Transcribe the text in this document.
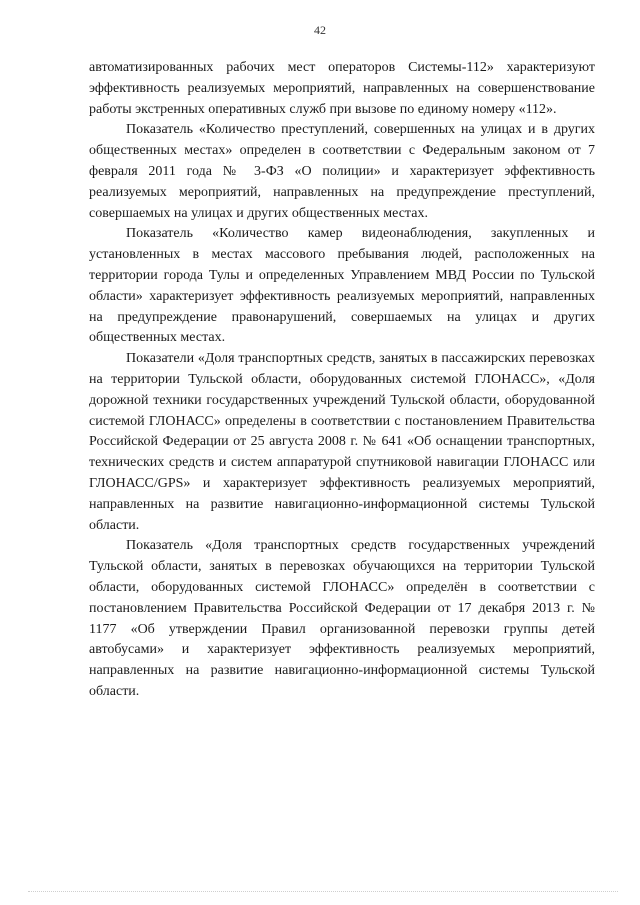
42

автоматизированных рабочих мест операторов Системы-112» характеризуют эффективность реализуемых мероприятий, направленных на совершенствование работы экстренных оперативных служб при вызове по единому номеру «112».

Показатель «Количество преступлений, совершенных на улицах и в других общественных местах» определен в соответствии с Федеральным законом от 7 февраля 2011 года № 3-ФЗ «О полиции» и характеризует эффективность реализуемых мероприятий, направленных на предупреждение преступлений, совершаемых на улицах и других общественных местах.

Показатель «Количество камер видеонаблюдения, закупленных и установленных в местах массового пребывания людей, расположенных на территории города Тулы и определенных Управлением МВД России по Тульской области» характеризует эффективность реализуемых мероприятий, направленных на предупреждение правонарушений, совершаемых на улицах и других общественных местах.

Показатели «Доля транспортных средств, занятых в пассажирских перевозках на территории Тульской области, оборудованных системой ГЛОНАСС», «Доля дорожной техники государственных учреждений Тульской области, оборудованной системой ГЛОНАСС» определены в соответствии с постановлением Правительства Российской Федерации от 25 августа 2008 г. № 641 «Об оснащении транспортных, технических средств и систем аппаратурой спутниковой навигации ГЛОНАСС или ГЛОНАСС/GPS» и характеризует эффективность реализуемых мероприятий, направленных на развитие навигационно-информационной системы Тульской области.

Показатель «Доля транспортных средств государственных учреждений Тульской области, занятых в перевозках обучающихся на территории Тульской области, оборудованных системой ГЛОНАСС» определён в соответствии с постановлением Правительства Российской Федерации от 17 декабря 2013 г. № 1177 «Об утверждении Правил организованной перевозки группы детей автобусами» и характеризует эффективность реализуемых мероприятий, направленных на развитие навигационно-информационной системы Тульской области.
